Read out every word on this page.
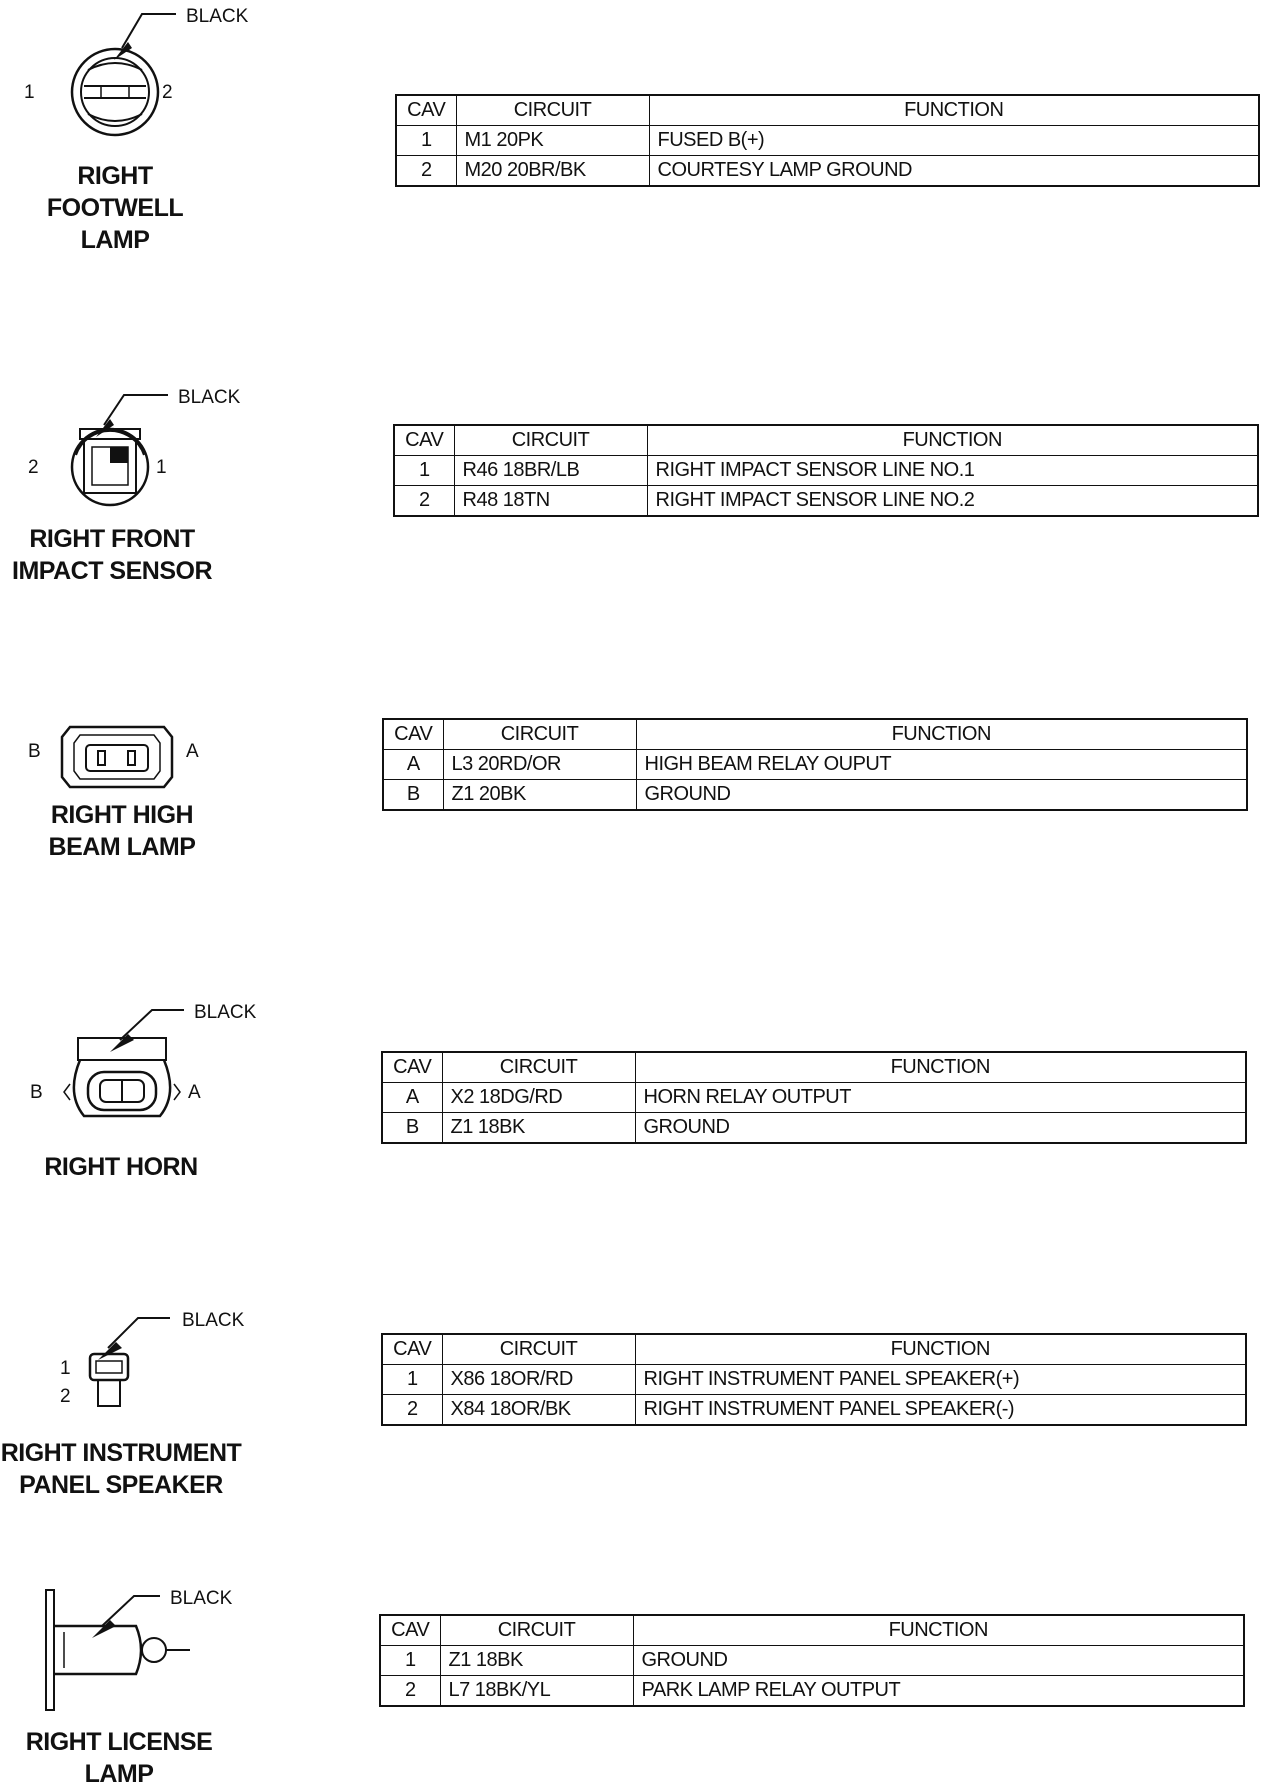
BLACK
1	2
RIGHT
FOOTWELL
LAMP
CAV	CIRCUIT	FUNCTION
1	M1 20PK	FUSED B(+)
2	M20 20BR/BK	COURTESY LAMP GROUND
BLACK
2	1
RIGHT FRONT
IMPACT SENSOR
CAV	CIRCUIT	FUNCTION
1	R46 18BR/LB	RIGHT IMPACT SENSOR LINE NO.1
2	R48 18TN	RIGHT IMPACT SENSOR LINE NO.2
B	A
RIGHT HIGH
BEAM LAMP
CAV	CIRCUIT	FUNCTION
A	L3 20RD/OR	HIGH BEAM RELAY OUPUT
B	Z1 20BK	GROUND
BLACK
B	A
RIGHT HORN
CAV	CIRCUIT	FUNCTION
A	X2 18DG/RD	HORN RELAY OUTPUT
B	Z1 18BK	GROUND
BLACK
1
2
RIGHT INSTRUMENT
PANEL SPEAKER
CAV	CIRCUIT	FUNCTION
1	X86 18OR/RD	RIGHT INSTRUMENT PANEL SPEAKER(+)
2	X84 18OR/BK	RIGHT INSTRUMENT PANEL SPEAKER(-)
BLACK
RIGHT LICENSE
LAMP
CAV	CIRCUIT	FUNCTION
1	Z1 18BK	GROUND
2	L7 18BK/YL	PARK LAMP RELAY OUTPUT
